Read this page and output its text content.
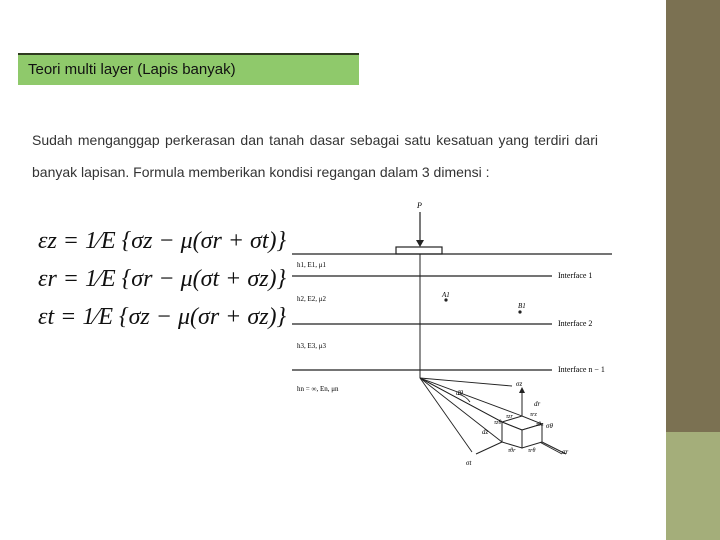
Teori multi layer (Lapis banyak)
Sudah menganggap perkerasan dan tanah dasar sebagai satu kesatuan yang terdiri dari banyak lapisan. Formula memberikan kondisi regangan dalam 3 dimensi :
P
Interface 1
Interface 2
Interface n − 1
h1, E1, μ1
h2, E2, μ2
h3, E3, μ3
hn = ∞, En, μn
A1
B1
dθ
σz
dr
dz
τzr	τrz
τzθ	τθz
τθr τrθ	σr
σθ
σt
εz = 1⁄E {σz − μ(σr + σt)}
εr = 1⁄E {σr − μ(σt + σz)}
εt = 1⁄E {σz − μ(σr + σz)}
